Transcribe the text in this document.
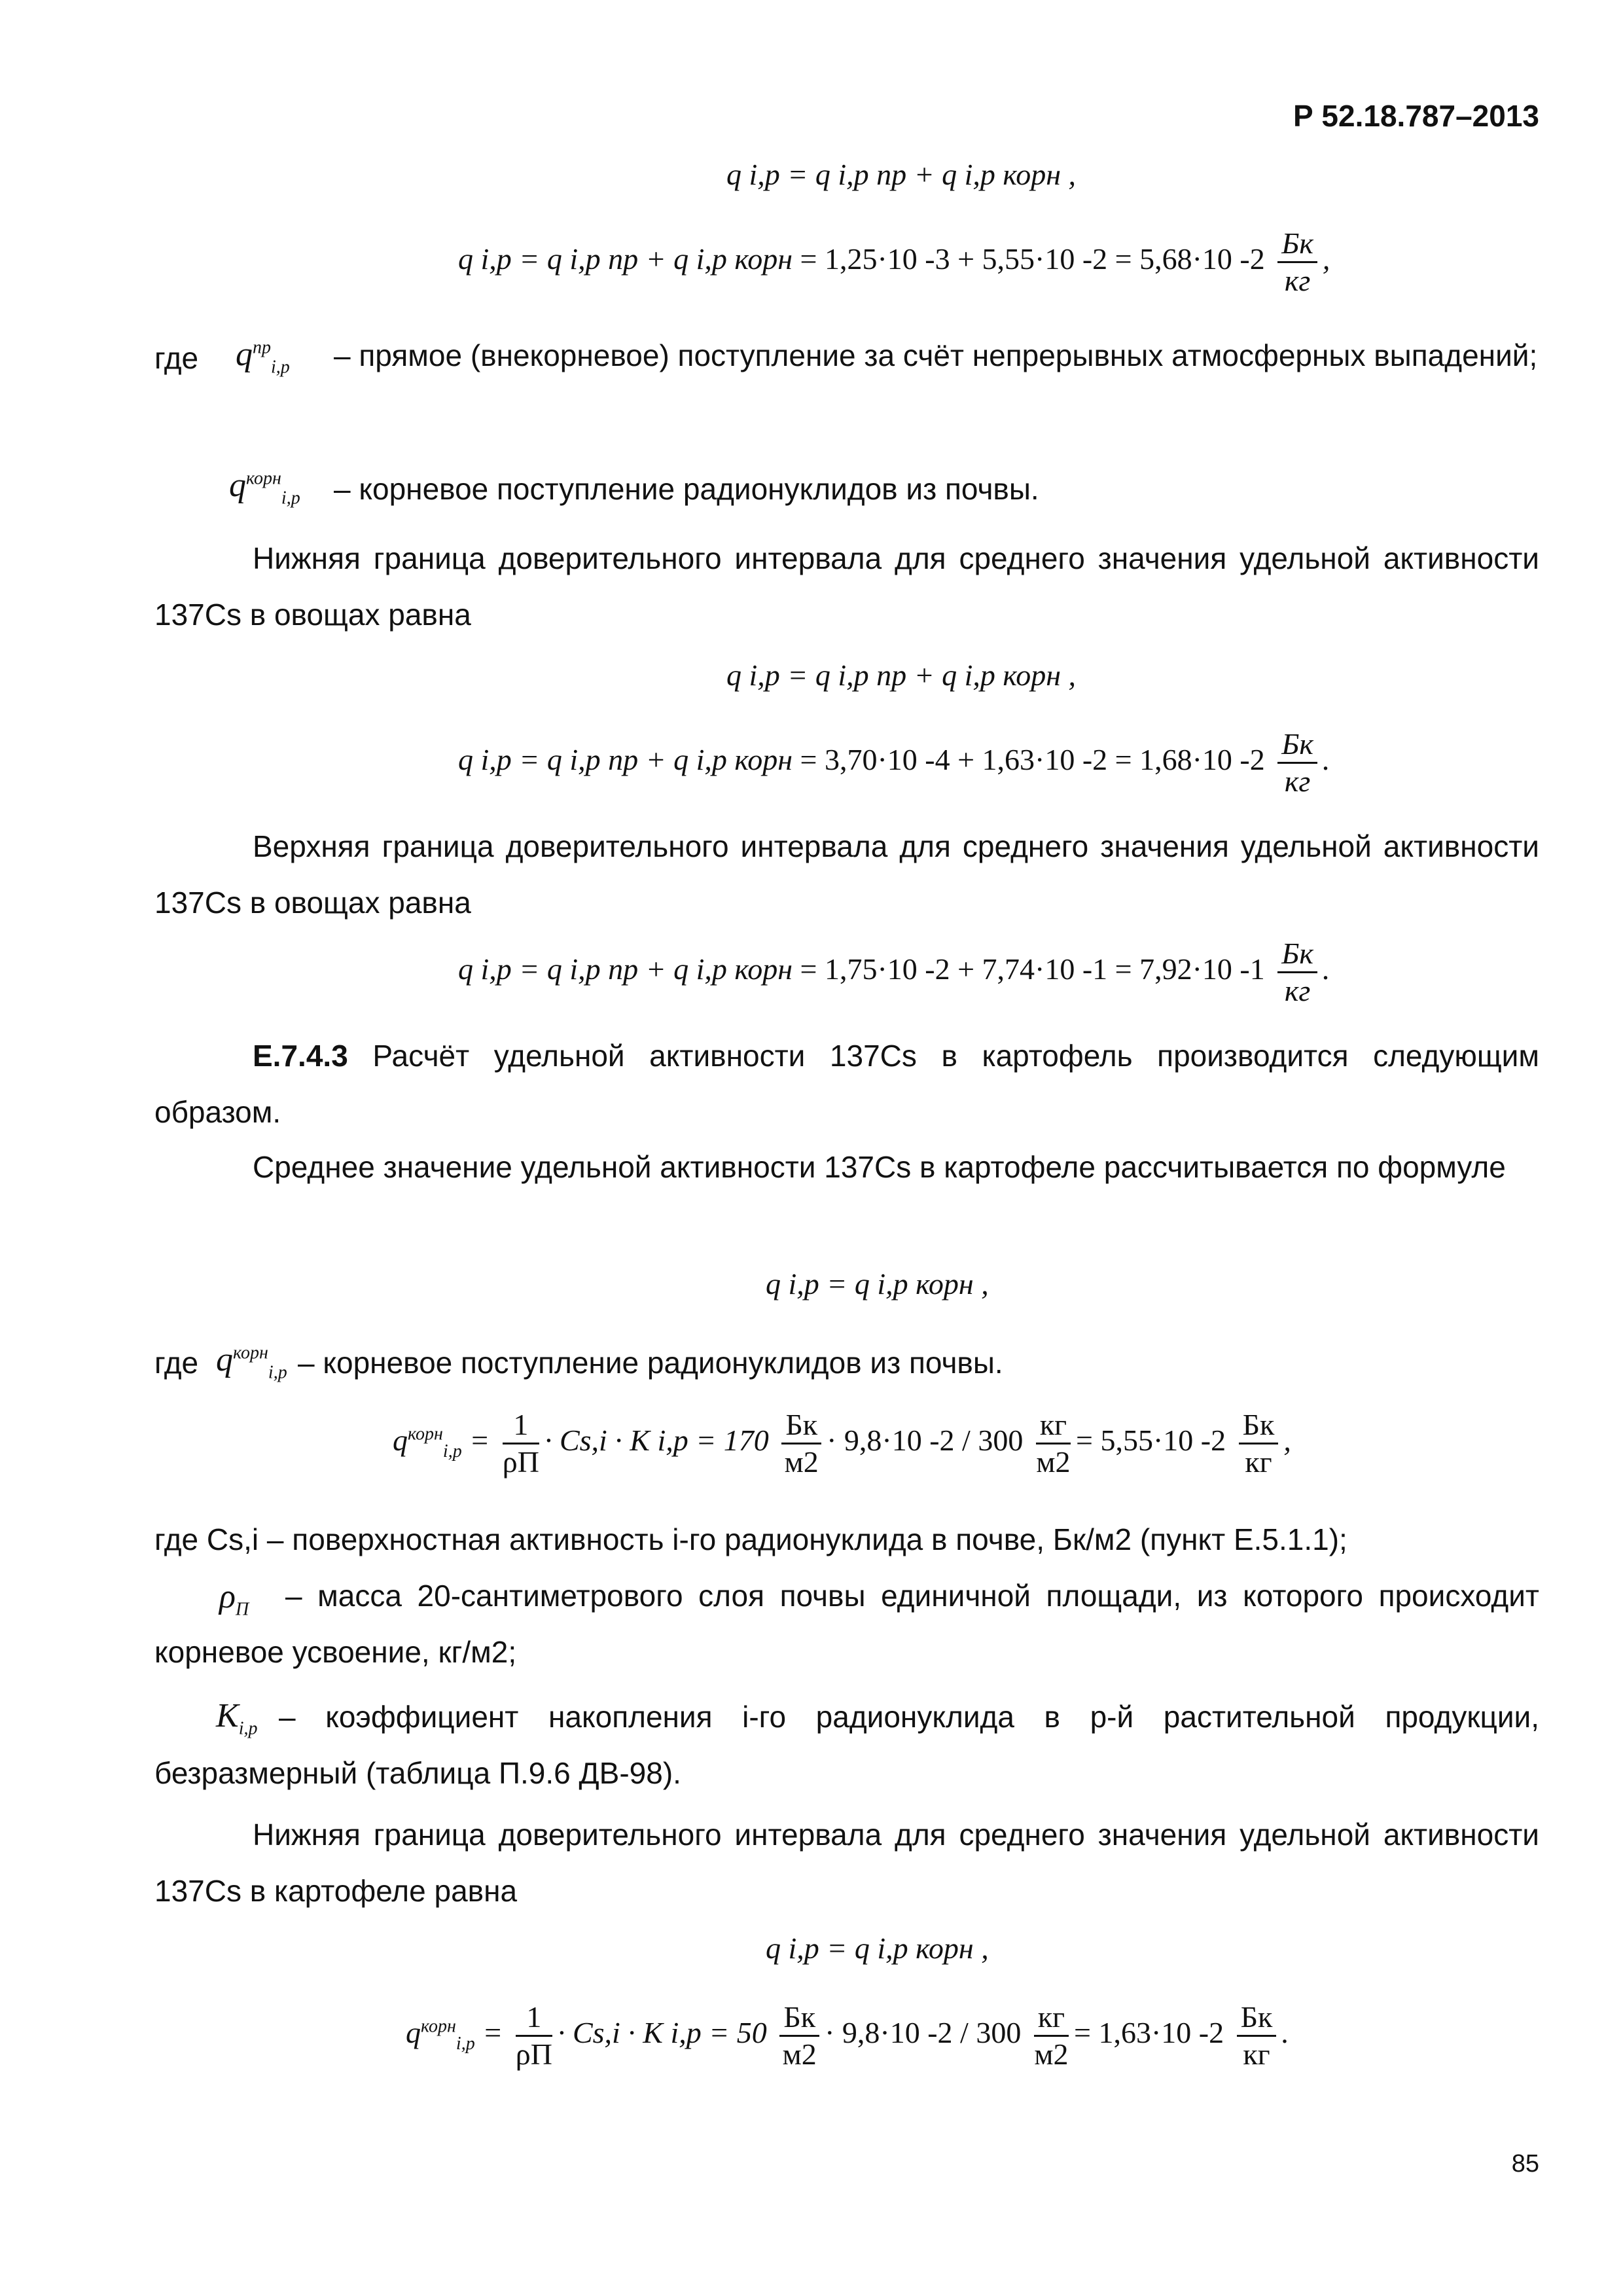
Р 52.18.787–2013
q i,p = q i,p пр + q i,p корн ,
q i,p = q i,p пр + q i,p корн = 1,25·10 -3 + 5,55·10 -2 = 5,68·10 $-2 \frac{Бк}{кг}$ ,
где $q^{пр}_{i,p}$ – прямое (внекорневое) поступление за счёт непрерывных атмосферных выпадений;
$q^{корн}_{i,p}$ – корневое поступление радионуклидов из почвы.
Нижняя граница доверительного интервала для среднего значения удельной активности 137Cs в овощах равна
q i,p = q i,p пр + q i,p корн ,
q i,p = q i,p пр + q i,p корн = 3,70·10 -4 + 1,63·10 -2 = 1,68·10 $-2 \frac{Бк}{кг}$ .
Верхняя граница доверительного интервала для среднего значения удельной активности 137Cs в овощах равна
q i,p = q i,p пр + q i,p корн = 1,75·10 -2 + 7,74·10 -1 = 7,92·10 $-1 \frac{Бк}{кг}$ .
Е.7.4.3 Расчёт удельной активности 137Cs в картофель производится следующим образом.
Среднее значение удельной активности 137Cs в картофеле рассчитывается по формуле
q i,p = q i,p корн ,
где $q^{корн}_{i,p}$ – корневое поступление радионуклидов из почвы.
$q^{корн}_{i,p} = \frac{1}{\rho П} \cdot Cs,i \cdot K$ $i,p = 170 \frac{Бк}{м2} \cdot 9,8\cdot 10$ $-2 / 300 \frac{кг}{м2} = 5,55\cdot 10$ $-2 \frac{Бк}{кг}$ ,
где Cs,i – поверхностная активность i-го радионуклида в почве, Бк/м2 (пункт Е.5.1.1);
$\rho_П$	– масса 20-сантиметрового слоя почвы единичной площади, из которого происходит корневое усвоение, кг/м2;
$K_{i,p}$ – коэффициент накопления i-го радионуклида в p-й растительной продукции, безразмерный (таблица П.9.6 ДВ-98).
Нижняя граница доверительного интервала для среднего значения удельной активности 137Cs в картофеле равна
q i,p = q i,p корн ,
$q^{корн}_{i,p} = \frac{1}{\rho П} \cdot Cs,i \cdot K$ $i,p = 50 \frac{Бк}{м2} \cdot 9,8\cdot 10$ $-2 / 300 \frac{кг}{м2} = 1,63\cdot 10$ $-2 \frac{Бк}{кг}$ .
85
